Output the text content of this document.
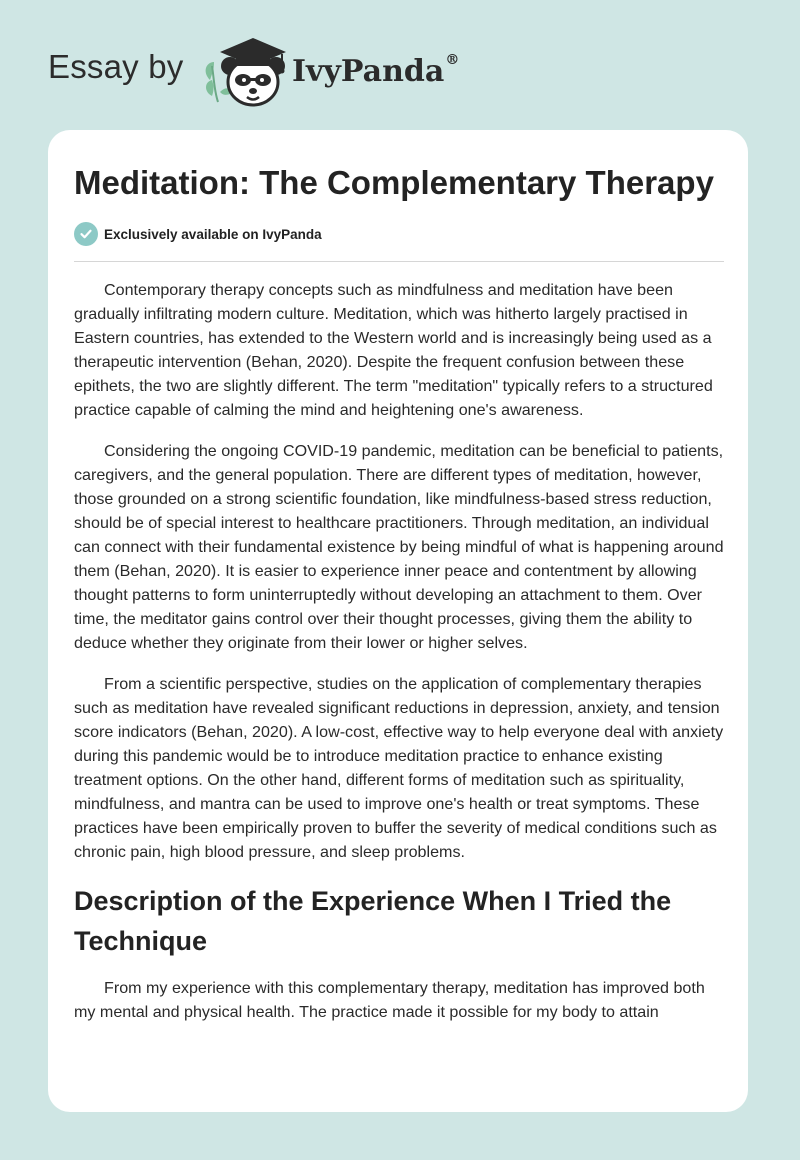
Essay by	IvyPanda®
Meditation: The Complementary Therapy
Exclusively available on IvyPanda

Contemporary therapy concepts such as mindfulness and meditation have been gradually infiltrating modern culture. Meditation, which was hitherto largely practised in Eastern countries, has extended to the Western world and is increasingly being used as a therapeutic intervention (Behan, 2020). Despite the frequent confusion between these epithets, the two are slightly different. The term "meditation" typically refers to a structured practice capable of calming the mind and heightening one's awareness.

Considering the ongoing COVID-19 pandemic, meditation can be beneficial to patients, caregivers, and the general population. There are different types of meditation, however, those grounded on a strong scientific foundation, like mindfulness-based stress reduction, should be of special interest to healthcare practitioners. Through meditation, an individual can connect with their fundamental existence by being mindful of what is happening around them (Behan, 2020). It is easier to experience inner peace and contentment by allowing thought patterns to form uninterruptedly without developing an attachment to them. Over time, the meditator gains control over their thought processes, giving them the ability to deduce whether they originate from their lower or higher selves.

From a scientific perspective, studies on the application of complementary therapies such as meditation have revealed significant reductions in depression, anxiety, and tension score indicators (Behan, 2020). A low-cost, effective way to help everyone deal with anxiety during this pandemic would be to introduce meditation practice to enhance existing treatment options. On the other hand, different forms of meditation such as spirituality, mindfulness, and mantra can be used to improve one's health or treat symptoms. These practices have been empirically proven to buffer the severity of medical conditions such as chronic pain, high blood pressure, and sleep problems.

Description of the Experience When I Tried the Technique

From my experience with this complementary therapy, meditation has improved both my mental and physical health. The practice made it possible for my body to attain
